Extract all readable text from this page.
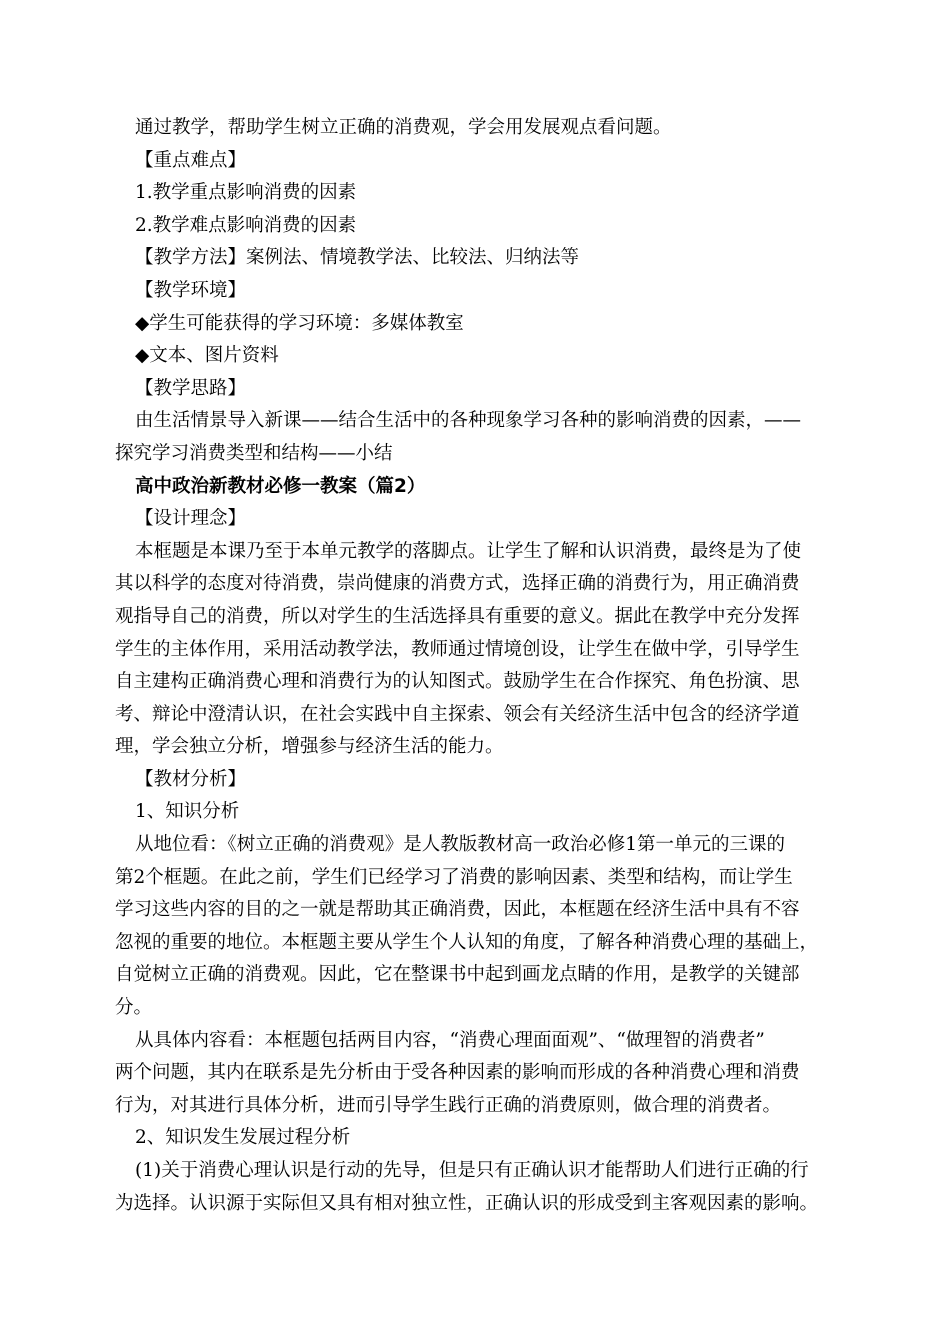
通过教学，帮助学生树立正确的消费观，学会用发展观点看问题。
【重点难点】
1.教学重点影响消费的因素
2.教学难点影响消费的因素
【教学方法】案例法、情境教学法、比较法、归纳法等
【教学环境】
◆学生可能获得的学习环境：多媒体教室
◆文本、图片资料
【教学思路】
由生活情景导入新课——结合生活中的各种现象学习各种的影响消费的因素，——
探究学习消费类型和结构——小结
高中政治新教材必修一教案（篇2）
【设计理念】
本框题是本课乃至于本单元教学的落脚点。让学生了解和认识消费，最终是为了使
其以科学的态度对待消费，崇尚健康的消费方式，选择正确的消费行为，用正确消费
观指导自己的消费，所以对学生的生活选择具有重要的意义。据此在教学中充分发挥
学生的主体作用，采用活动教学法，教师通过情境创设，让学生在做中学，引导学生
自主建构正确消费心理和消费行为的认知图式。鼓励学生在合作探究、角色扮演、思
考、辩论中澄清认识，在社会实践中自主探索、领会有关经济生活中包含的经济学道
理，学会独立分析，增强参与经济生活的能力。
【教材分析】
1、知识分析
从地位看：《树立正确的消费观》是人教版教材高一政治必修1第一单元的三课的
第2个框题。在此之前，学生们已经学习了消费的影响因素、类型和结构，而让学生
学习这些内容的目的之一就是帮助其正确消费，因此，本框题在经济生活中具有不容
忽视的重要的地位。本框题主要从学生个人认知的角度，了解各种消费心理的基础上，
自觉树立正确的消费观。因此，它在整课书中起到画龙点睛的作用，是教学的关键部
分。
从具体内容看：本框题包括两目内容，“消费心理面面观”、“做理智的消费者”
两个问题，其内在联系是先分析由于受各种因素的影响而形成的各种消费心理和消费
行为，对其进行具体分析，进而引导学生践行正确的消费原则，做合理的消费者。
2、知识发生发展过程分析
(1)关于消费心理认识是行动的先导，但是只有正确认识才能帮助人们进行正确的行
为选择。认识源于实际但又具有相对独立性，正确认识的形成受到主客观因素的影响。
